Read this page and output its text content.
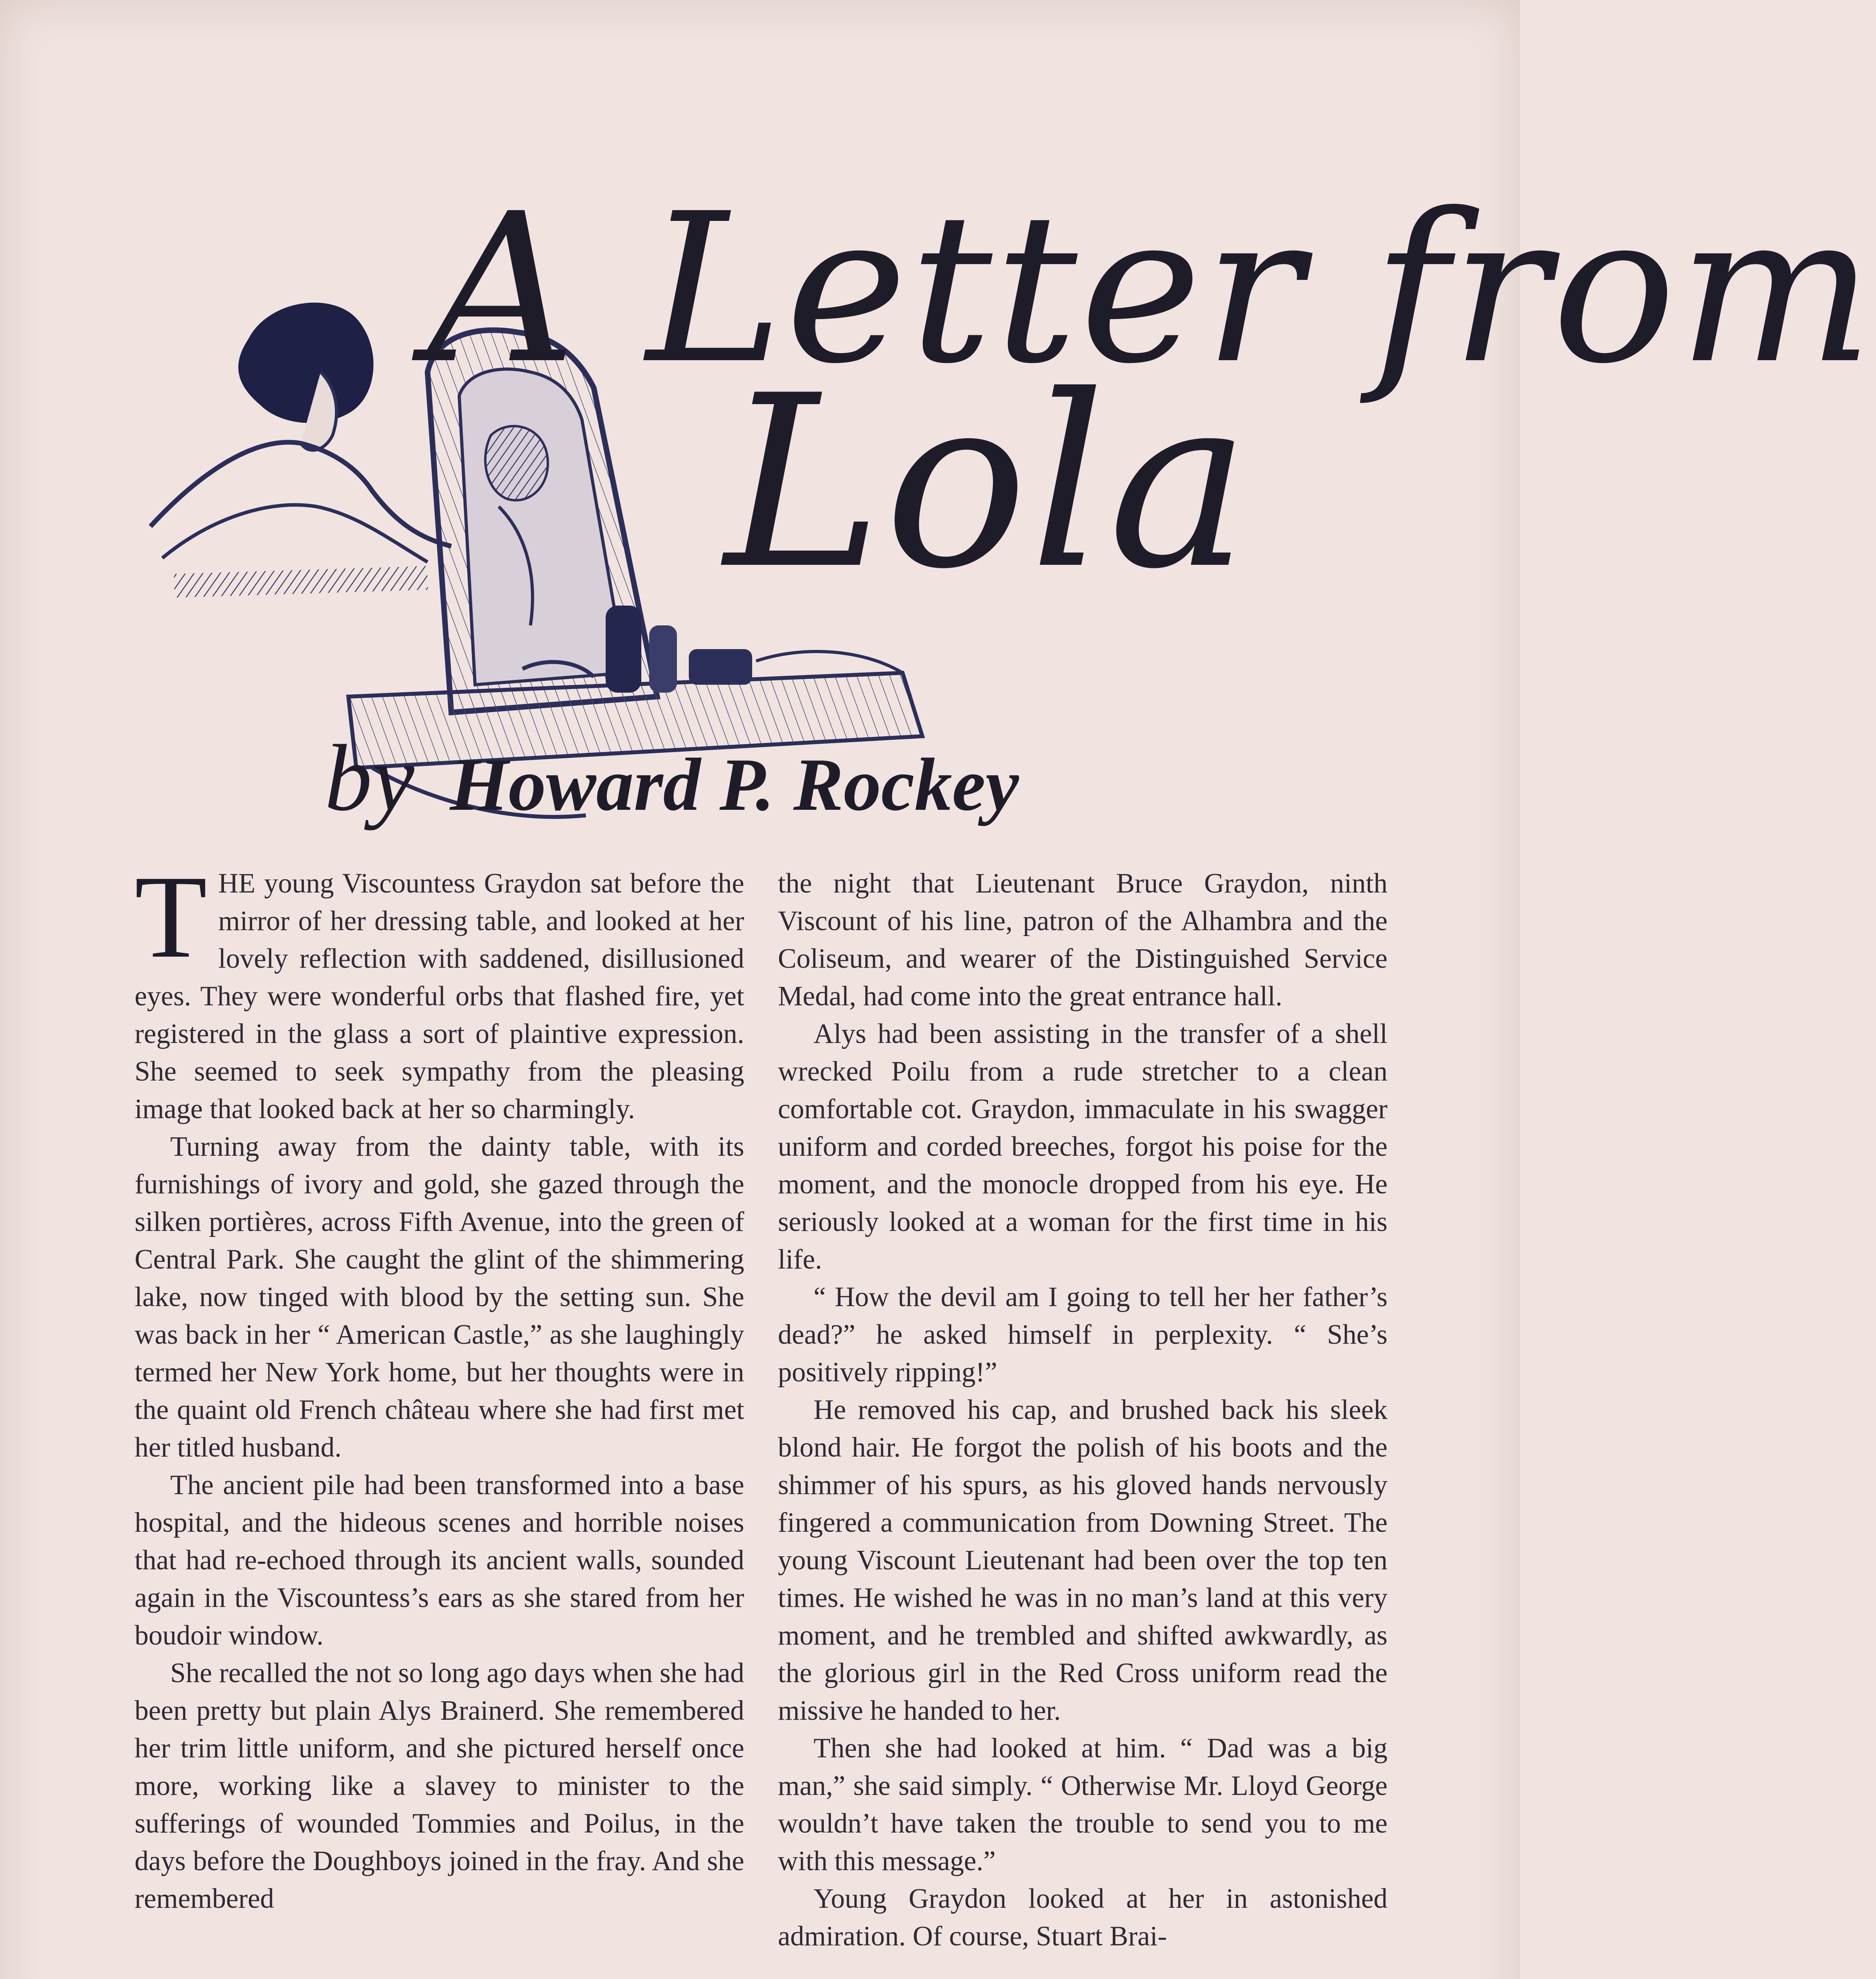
A Letter from
Lola
by Howard P. Rockey

THE young Viscountess Graydon sat before the mirror of her dressing table, and looked at her lovely reflection with saddened, disillusioned eyes. They were wonderful orbs that flashed fire, yet registered in the glass a sort of plaintive expression. She seemed to seek sympathy from the pleasing image that looked back at her so charmingly.

Turning away from the dainty table, with its furnishings of ivory and gold, she gazed through the silken portières, across Fifth Avenue, into the green of Central Park. She caught the glint of the shimmering lake, now tinged with blood by the setting sun. She was back in her “ American Castle,” as she laughingly termed her New York home, but her thoughts were in the quaint old French château where she had first met her titled husband.

The ancient pile had been transformed into a base hospital, and the hideous scenes and horrible noises that had re-echoed through its ancient walls, sounded again in the Viscountess’s ears as she stared from her boudoir window.

She recalled the not so long ago days when she had been pretty but plain Alys Brainerd. She remembered her trim little uniform, and she pictured herself once more, working like a slavey to minister to the sufferings of wounded Tommies and Poilus, in the days before the Doughboys joined in the fray. And she remembered

the night that Lieutenant Bruce Graydon, ninth Viscount of his line, patron of the Alhambra and the Coliseum, and wearer of the Distinguished Service Medal, had come into the great entrance hall.

Alys had been assisting in the transfer of a shell wrecked Poilu from a rude stretcher to a clean comfortable cot. Graydon, immaculate in his swagger uniform and corded breeches, forgot his poise for the moment, and the monocle dropped from his eye. He seriously looked at a woman for the first time in his life.

“ How the devil am I going to tell her her father’s dead?” he asked himself in perplexity. “ She’s positively ripping!”

He removed his cap, and brushed back his sleek blond hair. He forgot the polish of his boots and the shimmer of his spurs, as his gloved hands nervously fingered a communication from Downing Street. The young Viscount Lieutenant had been over the top ten times. He wished he was in no man’s land at this very moment, and he trembled and shifted awkwardly, as the glorious girl in the Red Cross uniform read the missive he handed to her.

Then she had looked at him. “ Dad was a big man,” she said simply. “ Otherwise Mr. Lloyd George wouldn’t have taken the trouble to send you to me with this message.”

Young Graydon looked at her in astonished admiration. Of course, Stuart Brai-
